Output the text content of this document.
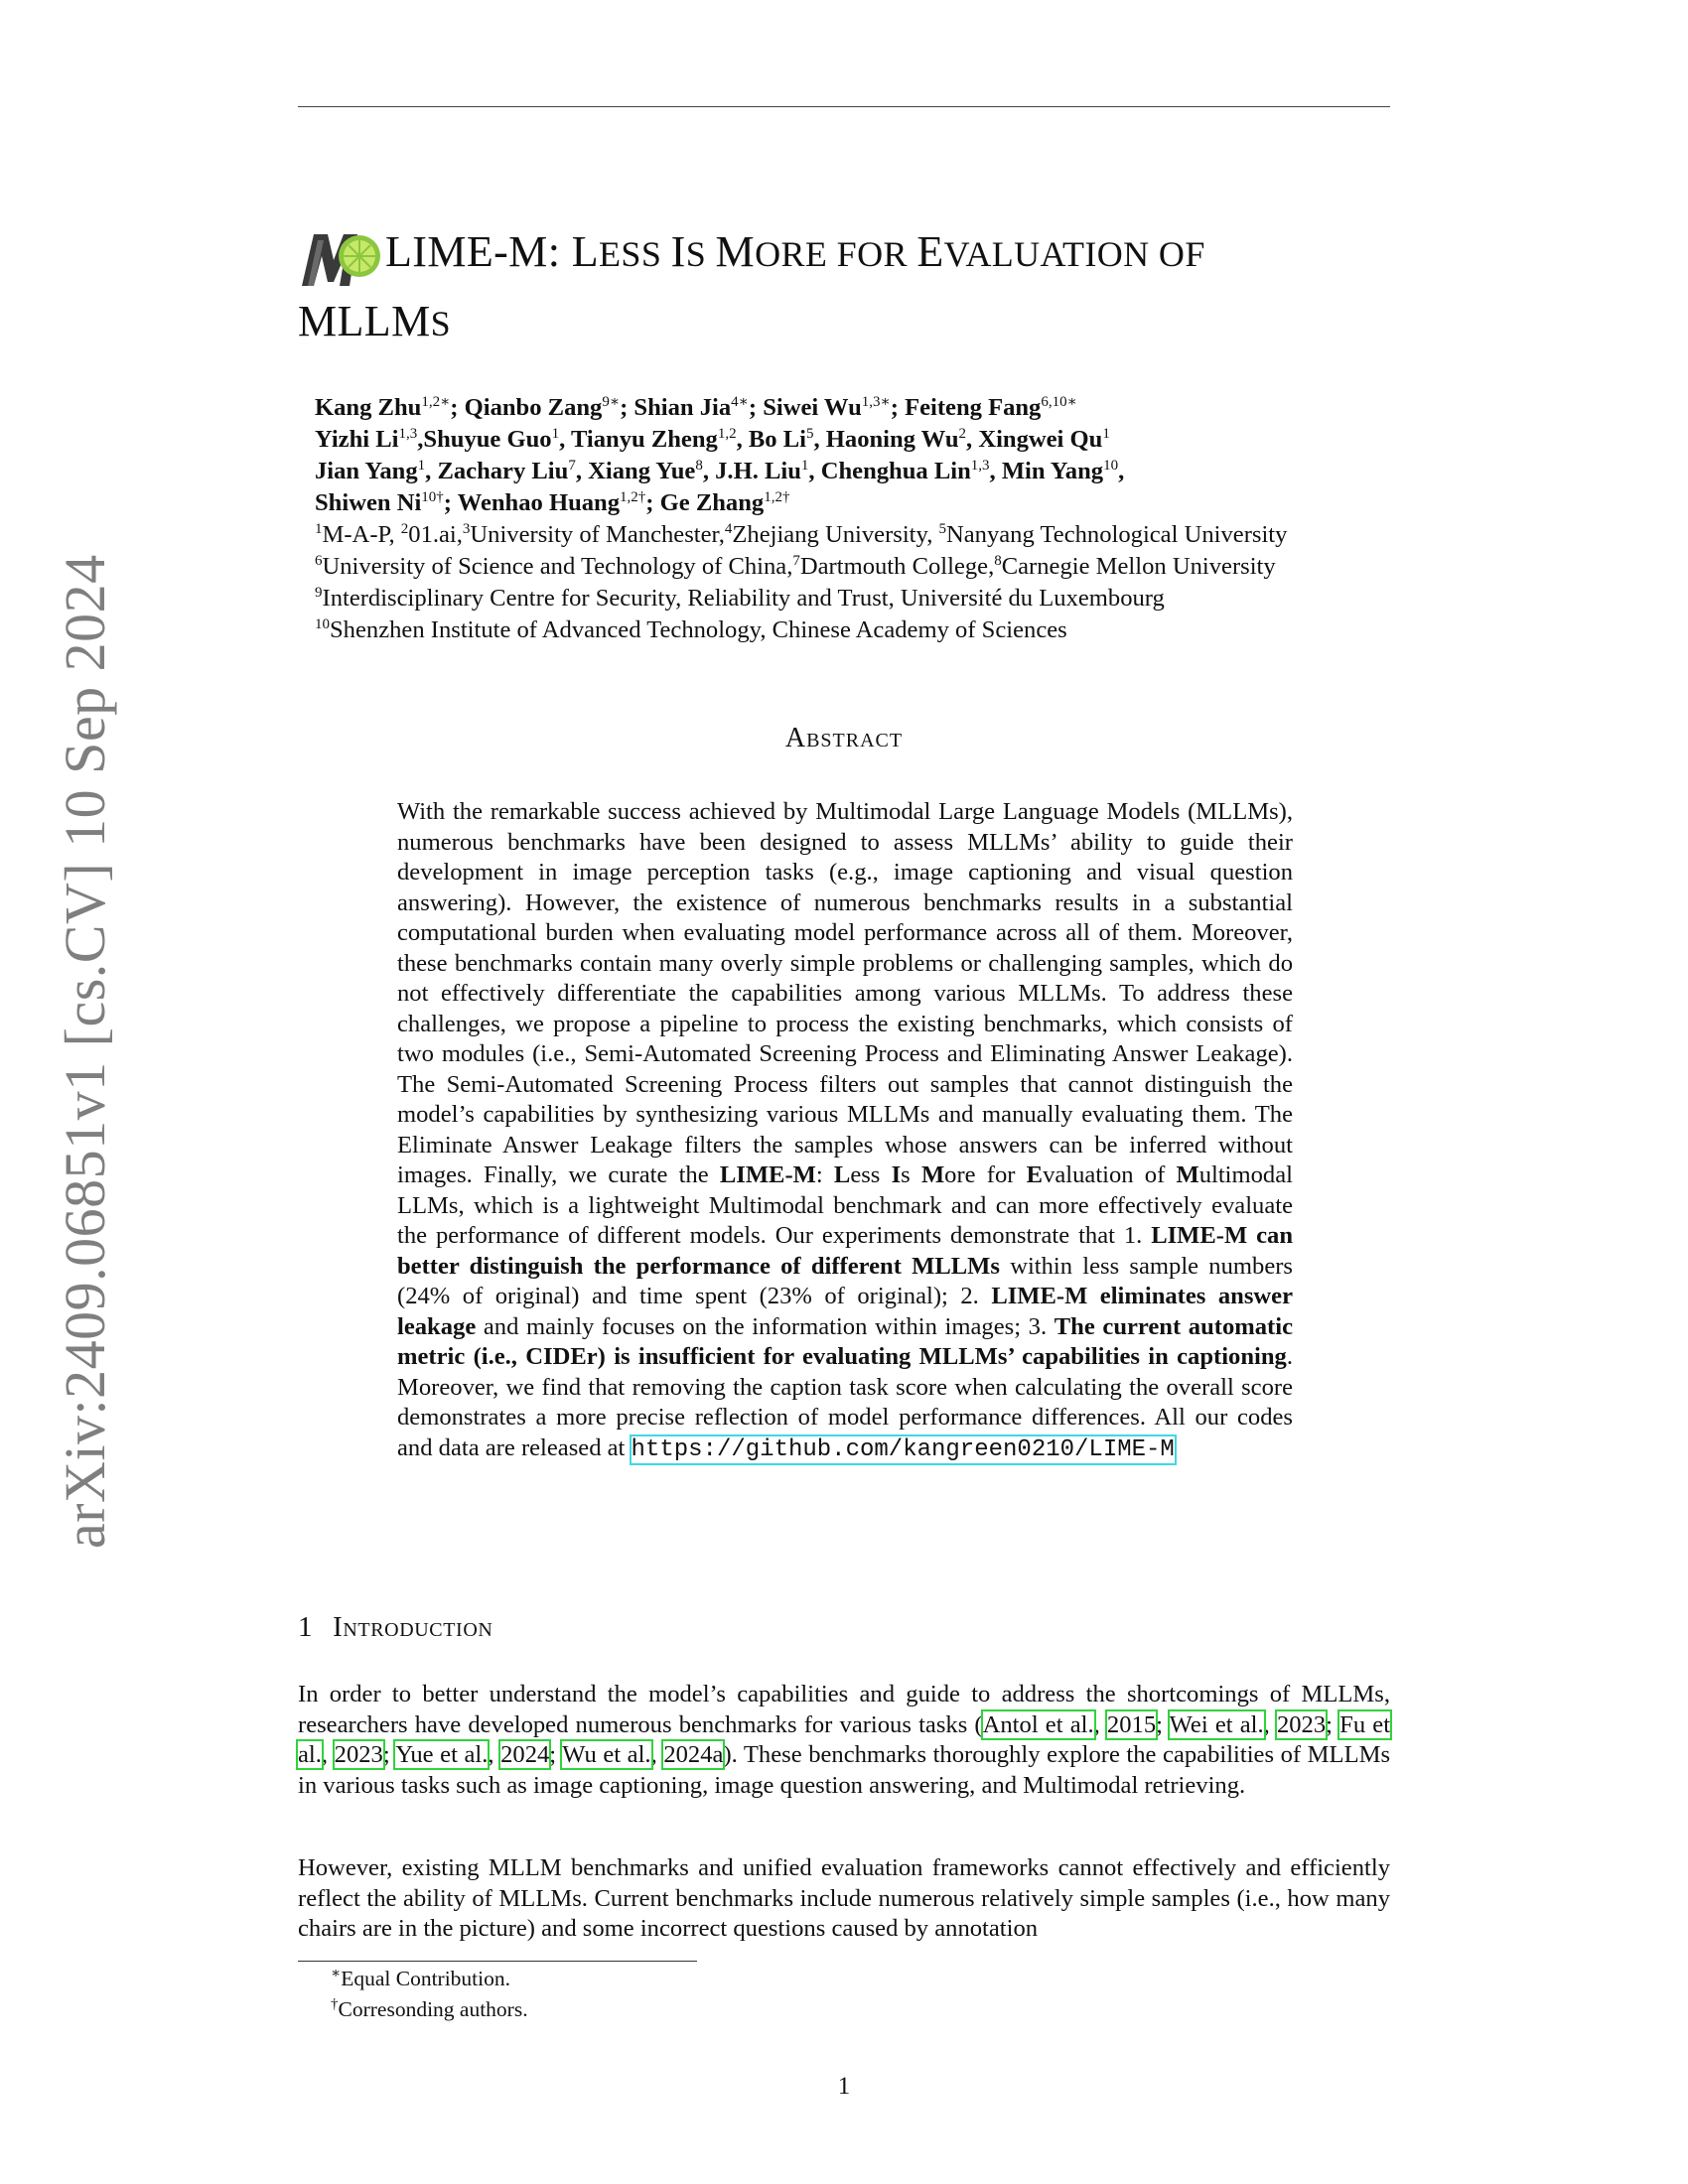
arXiv:2409.06851v1 [cs.CV] 10 Sep 2024
LIME-M: LESS IS MORE FOR EVALUATION OF
MLLMS
Kang Zhu$^{1,2∗}$; Qianbo Zang$^{9∗}$; Shian Jia$^{4∗}$; Siwei $Wu^{1,3∗}$; Feiteng Fang$^{6,10∗}$
Yizhi Li$^{1,3}$,Shuyue Guo$^1$, Tianyu Zheng$^{1,2}$, Bo Li$^5$, Haoning Wu$^2$, Xingwei Qu$^1$
Jian Yang$^1$, Zachary Liu$^7$, Xiang Yue$^8$, J.H. Liu$^1$, Chenghua Lin$^{1,3}$, Min Yang$^{10}$,
Shiwen $Ni^{10\dagger}$; Wenhao Huang$^{1,2\dagger}$; Ge Zhang$^{1,2\dagger}$
$^1$M-A-P, $^2$01.ai,$^3$University of Manchester,$^4$Zhejiang University, $^5$Nanyang Technological University
$^6$University of Science and Technology of China,$^7$Dartmouth College,$^8$Carnegie Mellon University
$^9$Interdisciplinary Centre for Security, Reliability and Trust, Université du Luxembourg
$^{10}$Shenzhen Institute of Advanced Technology, Chinese Academy of Sciences
Abstract
With the remarkable success achieved by Multimodal Large Language Models (MLLMs), numerous benchmarks have been designed to assess MLLMs’ ability to guide their development in image perception tasks (e.g., image captioning and visual question answering). However, the existence of numerous benchmarks results in a substantial computational burden when evaluating model performance across all of them. Moreover, these benchmarks contain many overly simple problems or challenging samples, which do not effectively differentiate the capabilities among various MLLMs. To address these challenges, we propose a pipeline to process the existing benchmarks, which consists of two modules (i.e., Semi-Automated Screening Process and Eliminating Answer Leakage). The Semi-Automated Screening Process filters out samples that cannot distinguish the model’s capabilities by synthesizing various MLLMs and manually evaluating them. The Eliminate Answer Leakage filters the samples whose answers can be inferred without images. Finally, we curate the LIME-M: Less Is More for Evaluation of Multimodal LLMs, which is a lightweight Multimodal benchmark and can more effectively evaluate the performance of different models. Our experiments demonstrate that 1. LIME-M can better distinguish the performance of different MLLMs within less sample numbers (24% of original) and time spent (23% of original); 2. LIME-M eliminates answer leakage and mainly focuses on the information within images; 3. The current automatic metric (i.e., CIDEr) is insufficient for evaluating MLLMs’ capabilities in captioning. Moreover, we find that removing the caption task score when calculating the overall score demonstrates a more precise reflection of model performance differences. All our codes and data are released at https://github.com/kangreen0210/LIME-M
1 Introduction
In order to better understand the model’s capabilities and guide to address the shortcomings of MLLMs, researchers have developed numerous benchmarks for various tasks (Antol et al., 2015; Wei et al., 2023; Fu et al., 2023; Yue et al., 2024; Wu et al., 2024a). These benchmarks thoroughly explore the capabilities of MLLMs in various tasks such as image captioning, image question answering, and Multimodal retrieving.
However, existing MLLM benchmarks and unified evaluation frameworks cannot effectively and efficiently reflect the ability of MLLMs. Current benchmarks include numerous relatively simple samples (i.e., how many chairs are in the picture) and some incorrect questions caused by annotation
∗Equal Contribution.
†Corresonding authors.
1
